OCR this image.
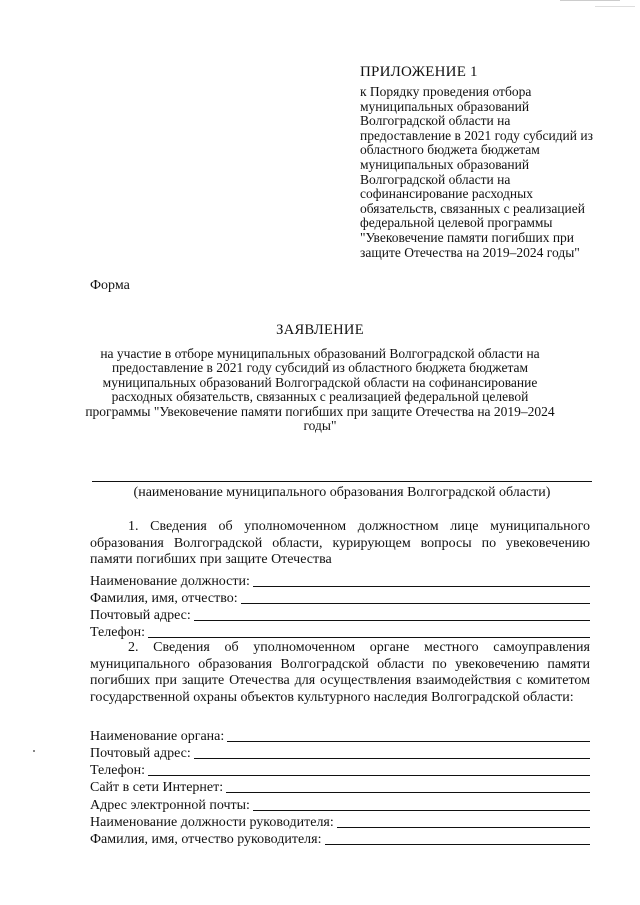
ПРИЛОЖЕНИЕ 1
к Порядку проведения отбора муниципальных образований Волгоградской области на предоставление в 2021 году субсидий из областного бюджета бюджетам муниципальных образований Волгоградской области на софинансирование расходных обязательств, связанных с реализацией федеральной целевой программы "Увековечение памяти погибших при защите Отечества на 2019–2024 годы"
Форма
ЗАЯВЛЕНИЕ
на участие в отборе муниципальных образований Волгоградской области на предоставление в 2021 году субсидий из областного бюджета бюджетам муниципальных образований Волгоградской области на софинансирование расходных обязательств, связанных с реализацией федеральной целевой программы "Увековечение памяти погибших при защите Отечества на 2019–2024 годы"
(наименование муниципального образования Волгоградской области)
1. Сведения об уполномоченном должностном лице муниципального образования Волгоградской области, курирующем вопросы по увековечению памяти погибших при защите Отечества
Наименование должности:
Фамилия, имя, отчество:
Почтовый адрес:
Телефон:
2. Сведения об уполномоченном органе местного самоуправления муниципального образования Волгоградской области по увековечению памяти погибших при защите Отечества для осуществления взаимодействия с комитетом государственной охраны объектов культурного наследия Волгоградской области:
Наименование органа:
Почтовый адрес:
Телефон:
Сайт в сети Интернет:
Адрес электронной почты:
Наименование должности руководителя:
Фамилия, имя, отчество руководителя:
